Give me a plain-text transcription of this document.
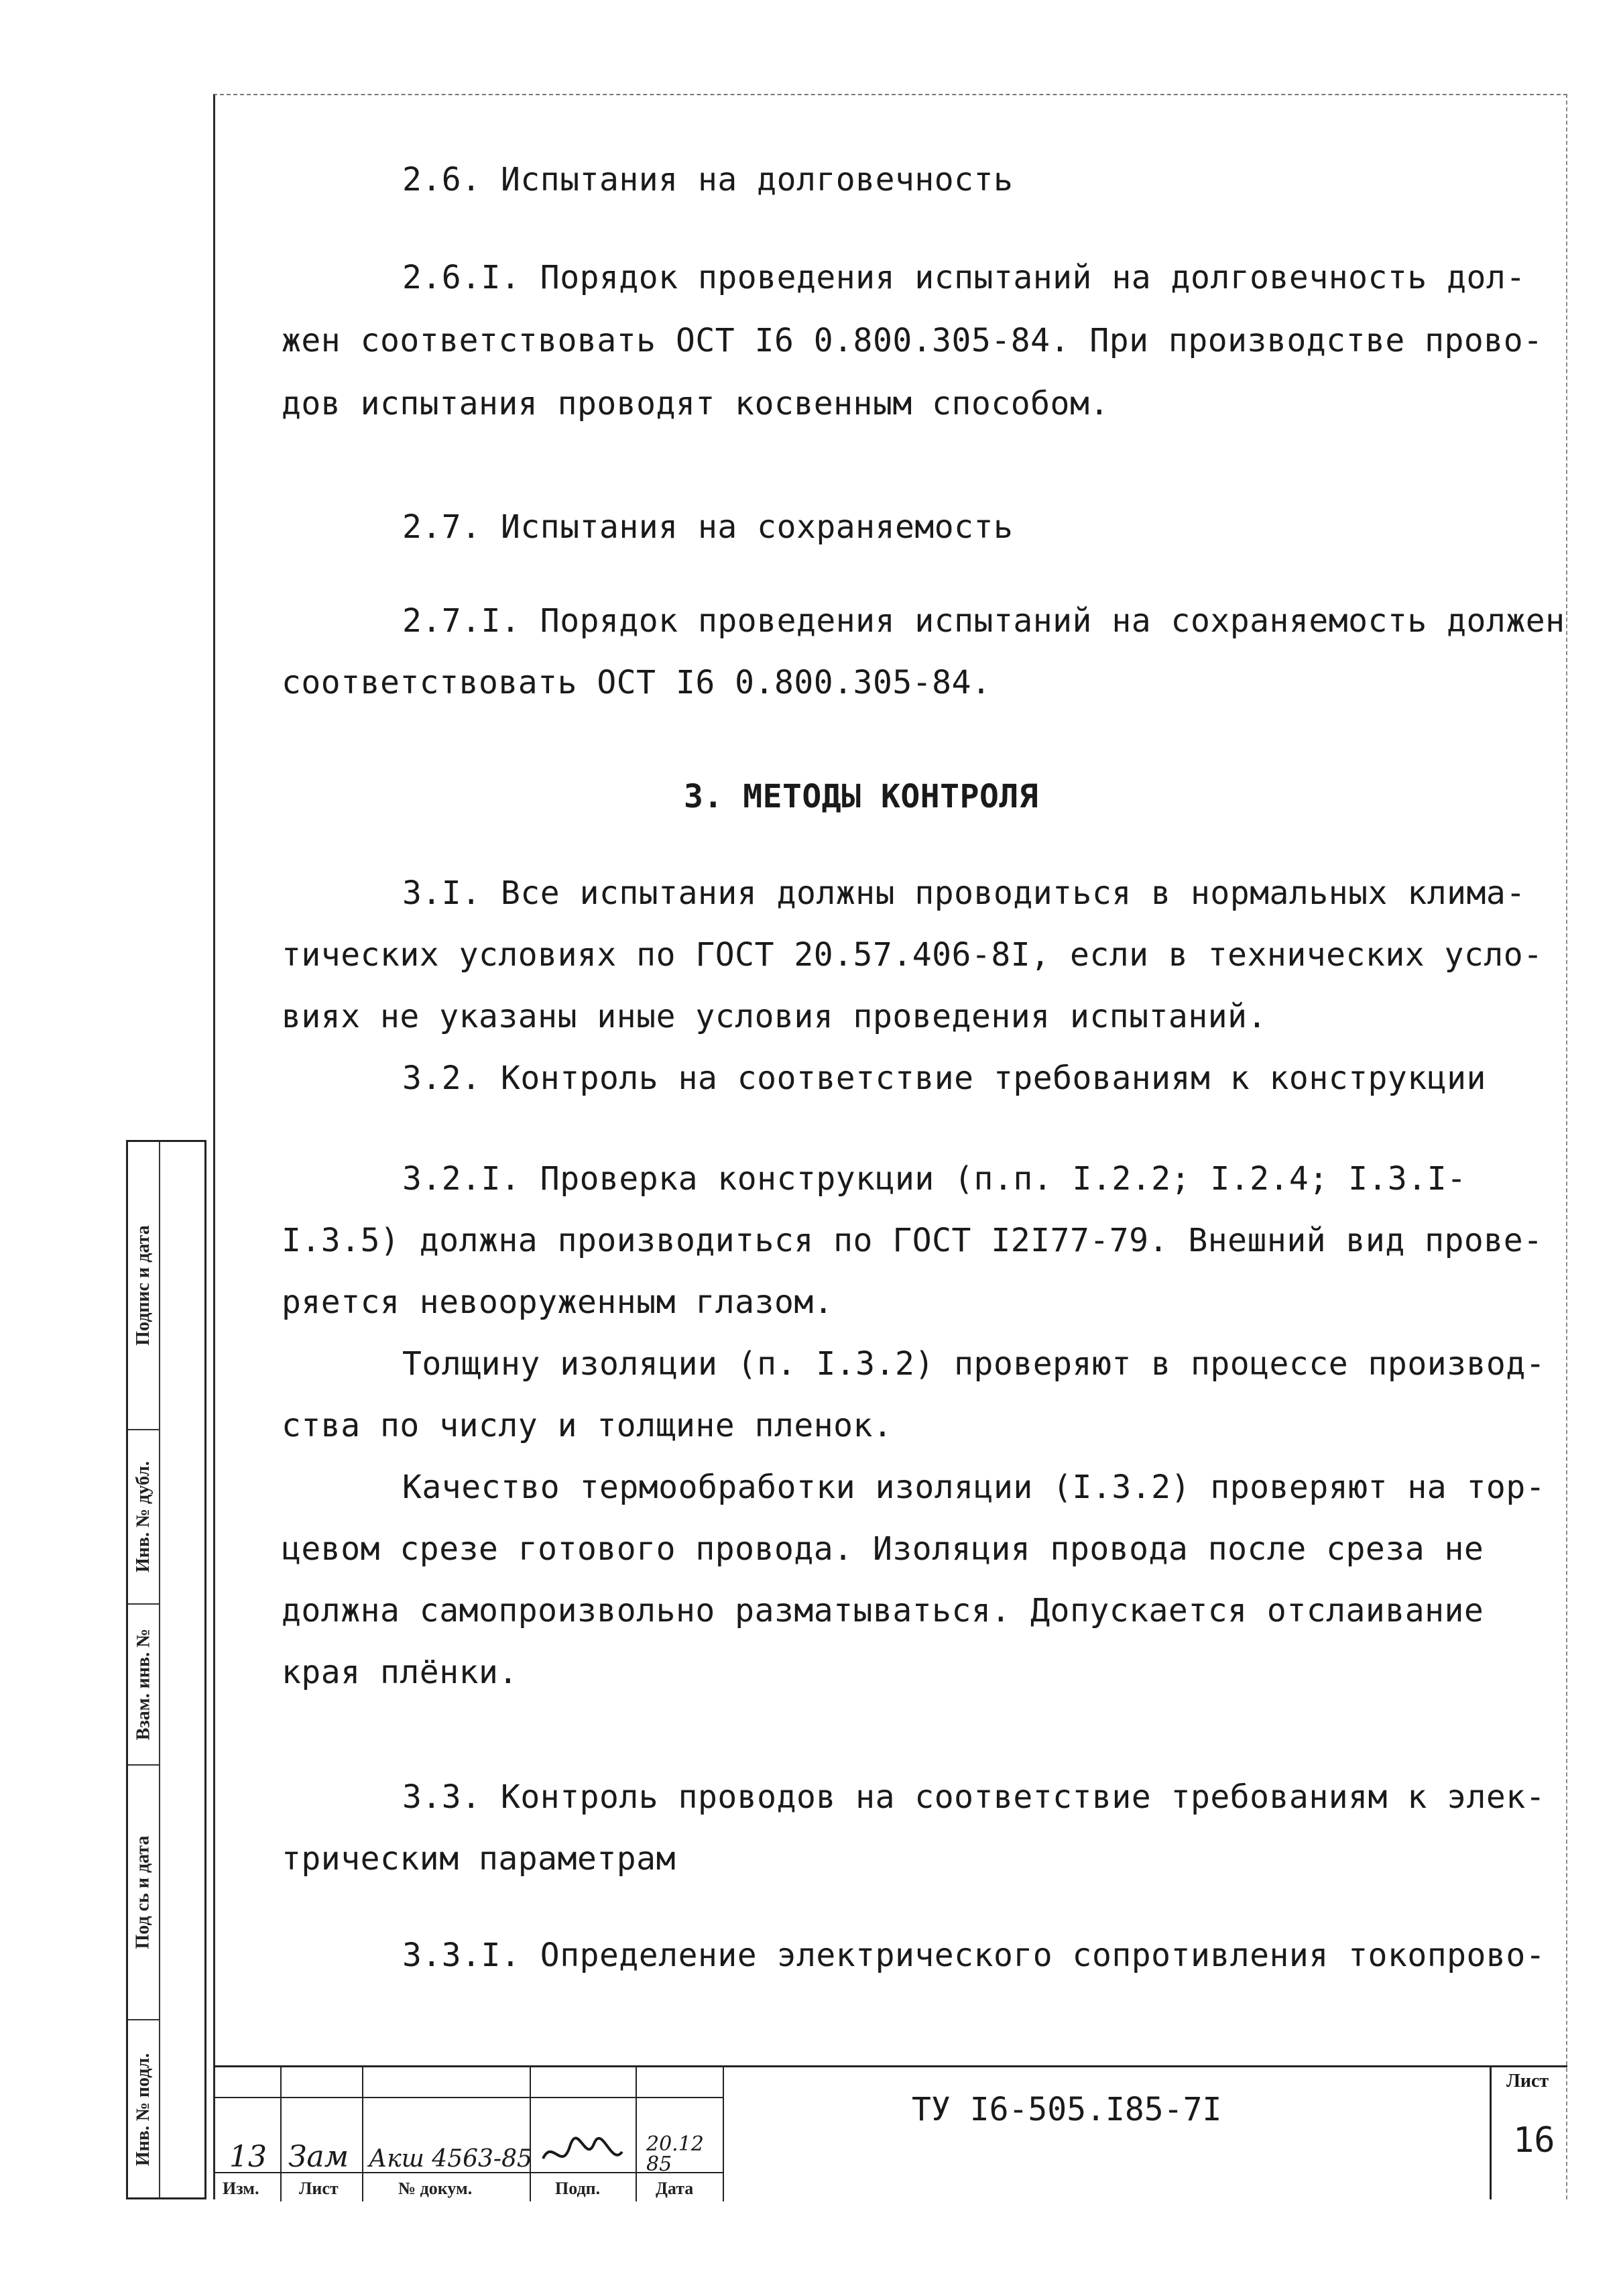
2.6. Испытания на долговечность
2.6.I. Порядок проведения испытаний на долговечность дол-
жен соответствовать ОСТ I6 0.800.305-84. При производстве прово-
дов испытания проводят косвенным способом.
2.7. Испытания на сохраняемость
2.7.I. Порядок проведения испытаний на сохраняемость должен
соответствовать ОСТ I6 0.800.305-84.
3. МЕТОДЫ КОНТРОЛЯ
3.I. Все испытания должны проводиться в нормальных клима-
тических условиях по ГОСТ 20.57.406-8I, если в технических усло-
виях не указаны иные условия проведения испытаний.
3.2. Контроль на соответствие требованиям к конструкции
3.2.I. Проверка конструкции (п.п. I.2.2; I.2.4; I.3.I-
I.3.5) должна производиться по ГОСТ I2I77-79. Внешний вид прове-
ряется невооруженным глазом.
Толщину изоляции (п. I.3.2) проверяют в процессе производ-
ства по числу и толщине пленок.
Качество термообработки изоляции (I.3.2) проверяют на тор-
цевом срезе готового провода. Изоляция провода после среза не
должна самопроизвольно разматываться. Допускается отслаивание
края плёнки.
3.3. Контроль проводов на соответствие требованиям к элек-
трическим параметрам
3.3.I. Определение электрического сопротивления токопрово-
Подпис и дата
Инв. № дубл.
Взам. инв. №
Под сь и дата
Инв. № подл.	13 Зам Акш 4563-85
20.12 85
Изм. Лист	№ докум.	Подп.	Дата
ТУ I6-505.I85-7I
Лист
16
